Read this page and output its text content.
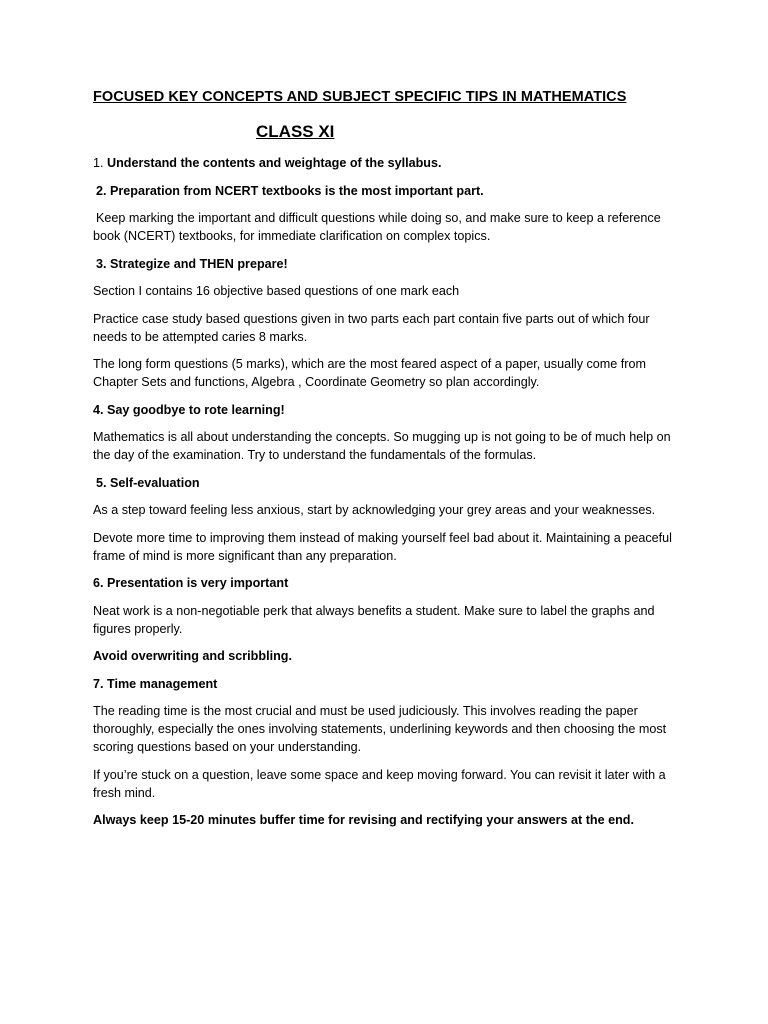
FOCUSED KEY CONCEPTS AND SUBJECT SPECIFIC TIPS IN MATHEMATICS
CLASS XI

1. Understand the contents and weightage of the syllabus.

2. Preparation from NCERT textbooks is the most important part.

Keep marking the important and difficult questions while doing so, and make sure to keep a reference book (NCERT) textbooks, for immediate clarification on complex topics.

3. Strategize and THEN prepare!

Section I contains 16 objective based questions of one mark each

Practice case study based questions given in two parts each part contain five parts out of which four needs to be attempted caries 8 marks.

The long form questions (5 marks), which are the most feared aspect of a paper, usually come from Chapter Sets and functions, Algebra , Coordinate Geometry so plan accordingly.

4. Say goodbye to rote learning!

Mathematics is all about understanding the concepts. So mugging up is not going to be of much help on the day of the examination. Try to understand the fundamentals of the formulas.

5. Self-evaluation

As a step toward feeling less anxious, start by acknowledging your grey areas and your weaknesses.

Devote more time to improving them instead of making yourself feel bad about it. Maintaining a peaceful frame of mind is more significant than any preparation.

6. Presentation is very important

Neat work is a non-negotiable perk that always benefits a student. Make sure to label the graphs and figures properly.

Avoid overwriting and scribbling.

7. Time management

The reading time is the most crucial and must be used judiciously. This involves reading the paper thoroughly, especially the ones involving statements, underlining keywords and then choosing the most scoring questions based on your understanding.

If you’re stuck on a question, leave some space and keep moving forward. You can revisit it later with a fresh mind.

Always keep 15-20 minutes buffer time for revising and rectifying your answers at the end.
